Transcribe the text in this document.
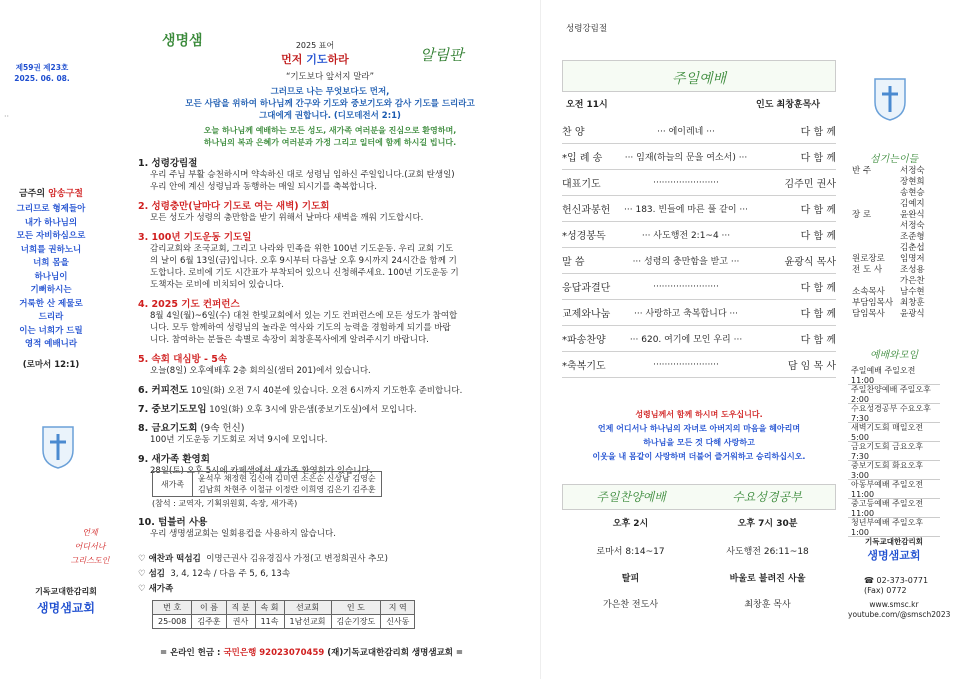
제59권 제23호
2025. 06. 08.
··
금주의 암송구절
그리므로 형제들아
내가 하나님의
모든 자비하심으로
너희를 권하노니
너희 몸을
하나님이
기뻐하시는
거룩한 산 제물로
드리라
이는 너희가 드릴
영적 예배니라
(로마서 12:1)
언제
어디서나
그리스도인
기독교대한감리회
생명샘교회
생명샘	2025 표어
먼저 기도하라	알림판
“기도보다 앞서지 말라”
그러므로 나는 무엇보다도 먼저,
모든 사람을 위하여 하나님께 간구와 기도와 중보기도와 감사 기도를 드리라고
그대에게 권합니다. (디모데전서 2:1)
오늘 하나님께 예배하는 모든 성도, 새가족 여러분을 진심으로 환영하며,
하나님의 복과 은혜가 여러분과 가정 그리고 일터에 함께 하시길 빕니다.
1. 성령강림절

우리 주님 부활 승천하시며 약속하신 대로 성령님 임하신 주일입니다.(교회 탄생일)

우리 안에 계신 성령님과 동행하는 매일 되시기를 축복합니다.

2. 성령충만(날마다 기도로 여는 새벽) 기도회

모든 성도가 성령의 충만함을 받기 위해서 날마다 새벽을 깨워 기도합시다.

3. 100년 기도운동 기도일

감리교회와 조국교회, 그리고 나라와 민족을 위한 100년 기도운동. 우리 교회 기도

의 날이 6월 13일(금)입니다. 오후 9시부터 다음날 오후 9시까지 24시간을 함께 기

도합니다. 로비에 기도 시간표가 부착되어 있으니 신청해주세요. 100년 기도운동 기

도책자는 로비에 비치되어 있습니다.

4. 2025 기도 컨퍼런스

8월 4일(월)~6일(수) 대천 한빛교회에서 있는 기도 컨퍼런스에 모든 성도가 참여합

니다. 모두 함께하여 성령님의 놀라운 역사와 기도의 능력을 경험하게 되기를 바랍

니다. 참여하는 분들은 속별로 속장이 최창훈목사에게 알려주시기 바랍니다.

5. 속회 대심방 - 5속

오늘(8일) 오후예배후 2층 회의실(샘터 201)에서 있습니다.

6. 커피전도 10일(화) 오전 7시 40분에 있습니다. 오전 6시까지 기도한후 준비합니다.
7. 중보기도모임 10일(화) 오후 3시에 맑은샘(중보기도실)에서 모입니다.
8. 금요기도회 (9속 헌신)

100년 기도운동 기도회로 저녁 9시에 모입니다.

9. 새가족 환영회

28일(토) 오후 5시에 카페샘에서 새가족 환영회가 있습니다.

새가족	
윤석무 채정현 김신애 김미연 소은순 신상남 김영순
김남희 차현주 이철규 이정란 이희영 김은기 김주훈
(참석 : 교역자, 기획위원회, 속장, 새가족)
10. 텀블러 사용
우리 생명샘교회는 일회용컵을 사용하지 않습니다.
♡ 애찬과 떡섬김 이명근권사 김유경집사 가정(고 변정희권사 추모)
♡ 섬김 3, 4, 12속 / 다음 주 5, 6, 13속
♡ 새가족
번 호	이 름	직 분	속 회	선교회	인 도	지 역
25-008	김주훈	권사	11속	1남선교회	김순기장도	신사동
= 온라인 헌금 : 국민은행 92023070459 (재)기독교대한감리회 생명샘교회 =
성령강림절
주일예배
오전 11시	인도 최창훈목사
찬 양	··· 에이레네 ···	다 함 께
*입 례 송	··· 임재(하늘의 문을 여소서) ···	다 함 께
대표기도	·······················	김주민 권사
헌신과봉헌	··· 183. 빈들에 마른 풀 같이 ···	다 함 께
*성경봉독	··· 사도행전 2:1~4 ···	다 함 께
말 씀	··· 성령의 충만함을 받고 ···	윤광식 목사
응답과결단	·······················	다 함 께
교제와나눔	··· 사랑하고 축복합니다 ···	다 함 께
*파송찬양	··· 620. 여기에 모인 우리 ···	다 함 께
*축복기도	·······················	담 임 목 사
성령님께서 함께 하시며 도우십니다.
언제 어디서나 하나님의 자녀로 아버지의 마음을 헤아리며
하나님을 모든 것 다해 사랑하고
이웃을 내 몸같이 사랑하며 더불어 즐거워하고 승리하십시오.
주일찬양예배	수요성경공부
오후 2시	오후 7시 30분
로마서 8:14~17	사도행전 26:11~18
탈피	바울로 불려진 사울
가은찬 전도사	최창훈 목사
섬기는이들
반 주	서정숙
장현희
송현승
김예지
장 로	윤완식
서정숙
조준형
김춘섭
원로장로	임명저
전 도 사	조성용
가은찬
소속목사	남수현
부담임목사 최창훈
담임목사	윤광식
예배와모임
주일예배 주일오전 11:00
주일찬양예배 주일오후 2:00
수요성경공부 수요오후 7:30
새벽기도회 매일오전 5:00
금요기도회 금요오후 7:30
중보기도회 화요오후 3:00
아동부예배 주일오전 11:00
중고등예배 주일오전 11:00
청년부예배 주일오후 1:00
기독교대한감리회
생명샘교회
☎ 02-373-0771
(Fax) 0772
www.smsc.kr
youtube.com/@smsch2023
